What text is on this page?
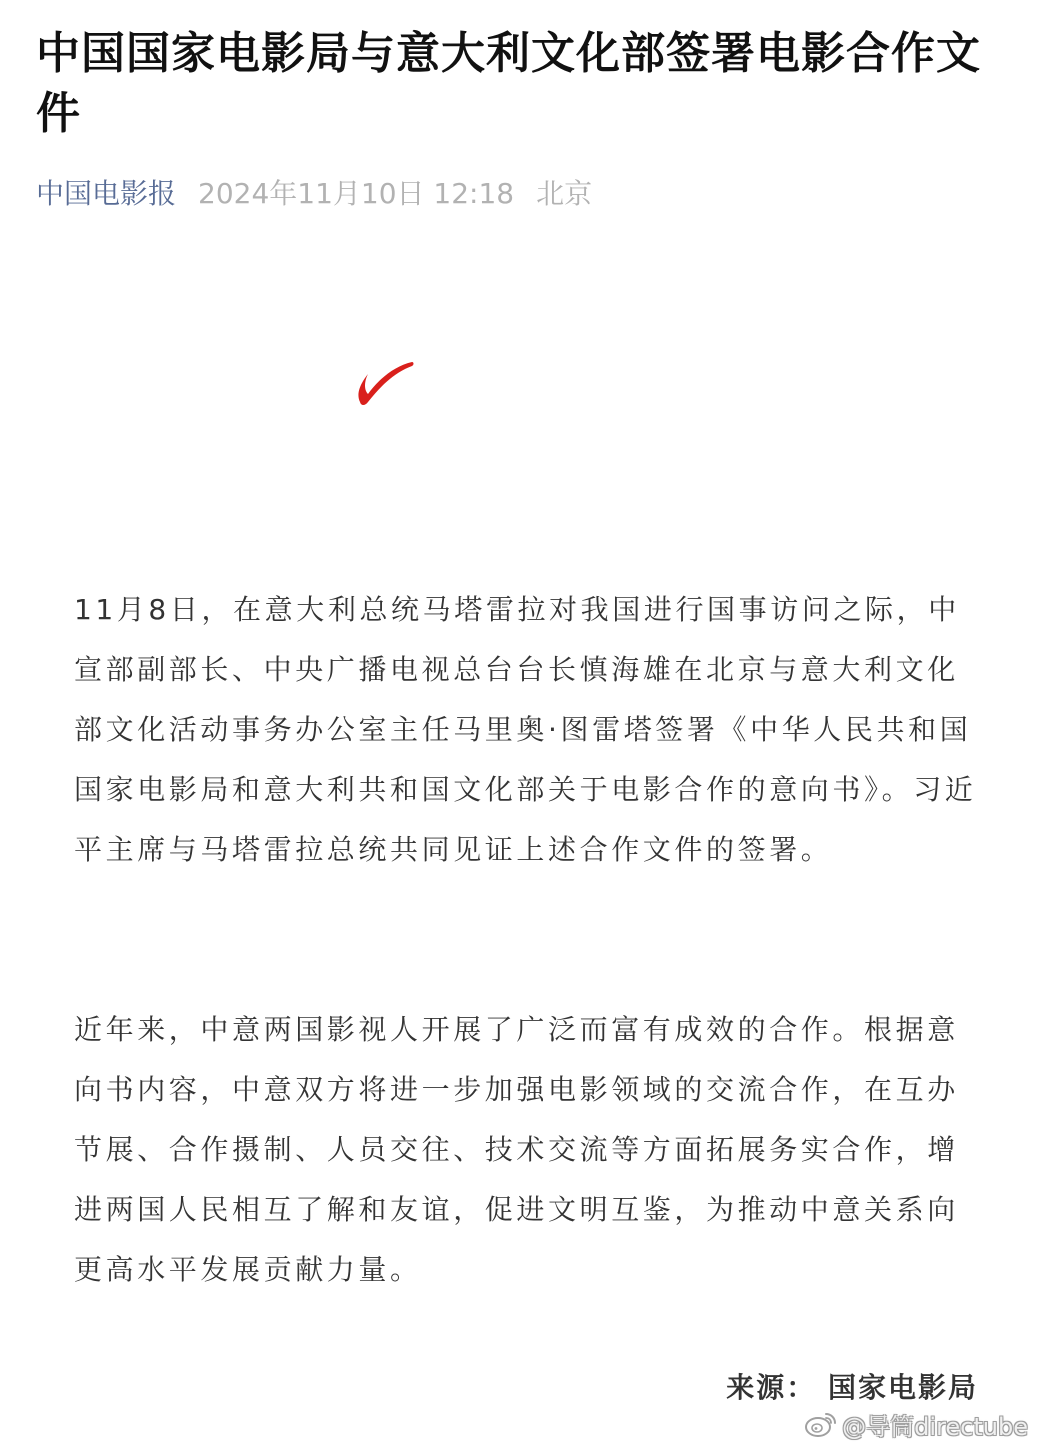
中国国家电影局与意大利文化部签署电影合作文件
中国电影报 2024年11月10日 12:18 北京

11月8日，在意大利总统马塔雷拉对我国进行国事访问之际，中宣部副部长、中央广播电视总台台长慎海雄在北京与意大利文化部文化活动事务办公室主任马里奥·图雷塔签署《中华人民共和国国家电影局和意大利共和国文化部关于电影合作的意向书》。习近平主席与马塔雷拉总统共同见证上述合作文件的签署。

近年来，中意两国影视人开展了广泛而富有成效的合作。根据意向书内容，中意双方将进一步加强电影领域的交流合作，在互办节展、合作摄制、人员交往、技术交流等方面拓展务实合作，增进两国人民相互了解和友谊，促进文明互鉴，为推动中意关系向更高水平发展贡献力量。

来源： 国家电影局
@导筒directube
